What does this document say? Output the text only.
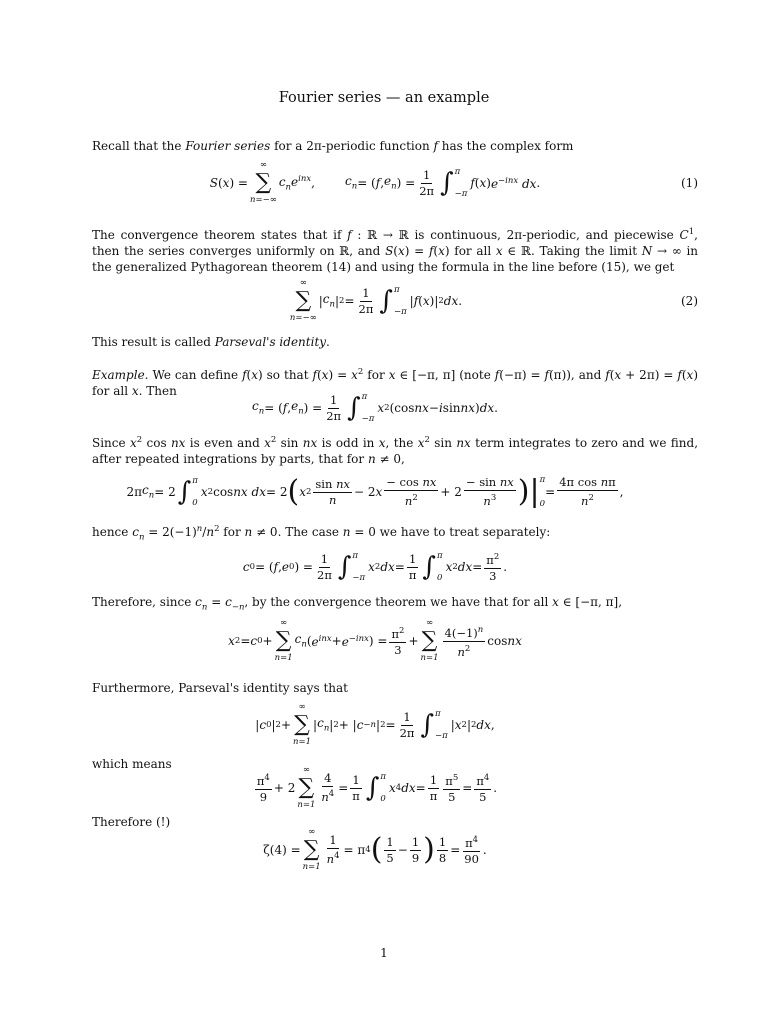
Fourier series — an example
Recall that the Fourier series for a 2π-periodic function f has the complex form
S ( x ) =
∞
∑
n=−∞
$c_ne^{inx}$ ,	$c_n$ = ( f , $e_n$ ) = $\frac{1}{2\pi}$ ∫ π
−π
f ( x ) $e^{-inx}$ dx .	(1)
The convergence theorem states that if f : ℝ → ℝ is continuous, 2π-periodic, and piecewise $C^1$, then the series converges uniformly on ℝ, and S(x) = f(x) for all x ∈ ℝ. Taking the limit N → ∞ in the generalized Pythagorean theorem (14) and using the formula in the line before (15), we get
∞
∑
n=−∞
| $c_n$ | $2 = \frac{1}{2\pi}$ ∫ π
−π
| f ( x )| 2 dx .	(2)
This result is called Parseval's identity.
Example. We can define f(x) so that $f(x) = x^2$ for x ∈ [−π, π] (note f(−π) = f(π)), and f(x + 2π) = f(x) for all x. Then
$c_n$ = ( f , $e_n$ ) = $\frac{1}{2\pi}$ ∫ π
−π
x 2 (cos nx − i sin nx ) dx .
Since $x^2$ cos nx is even and $x^2$ sin nx is odd in x, the $x^2$ sin nx term integrates to zero and we find, after repeated integrations by parts, that for n ≠ 0,
2π $c_n = 2$ ∫ π
0
x 2 cos nx dx = 2 ( x $2 \frac{\text{sin nx}}{n} - 2$ x $\frac{\text{− cos nx}}{n^2} + 2 \frac{\text{− sin nx}}{n^3}$ ) | π
0
= $\frac{\text{4π cos nπ}}{n^2}$ ,
hence $c_n = 2(-1)^n/n^2$ for n ≠ 0. The case n = 0 we have to treat separately:
c 0 = ( f , e 0 ) = $\frac{1}{2\pi}$ ∫ π
−π
x 2 dx = $\frac{1}{\pi}$ ∫ π
0
x 2 dx = $\frac{\pi^2}{3}$ .
Therefore, since $c_n = c_{-n}$, by the convergence theorem we have that for all x ∈ [−π, π],
x 2 = c 0 +
∞
∑
n=1
$c_n$ ( $e^{inx} + e^{-inx}$ ) = $\frac{\pi^2}{3}$ +
∞
∑
$n=1 \frac{4(-1)^n}{n^2}$ cos nx
Furthermore, Parseval's identity says that
| c 0 | 2 +
∞
∑
n=1
| $c_n$ | 2 + | c −n | $2 = \frac{1}{2\pi}$ ∫ π
−π
| x 2 | 2 dx ,
which means
$\frac{\pi^4}{9} + 2$
∞
∑
n=1
$\frac{4}{n^4} = \frac{1}{\pi}$ ∫ π
0
x 4 dx = $\frac{1}{\pi} \frac{\pi^5}{5} = \frac{\pi^4}{5}$ .
Therefore (!)
ζ(4) =
∞
∑
n=1
$\frac{1}{n^4} = \pi$ 4 ( $\frac{1}{5} - \frac{1}{9}$ ) $\frac{1}{8} = \frac{\pi^4}{90}$ .
1
